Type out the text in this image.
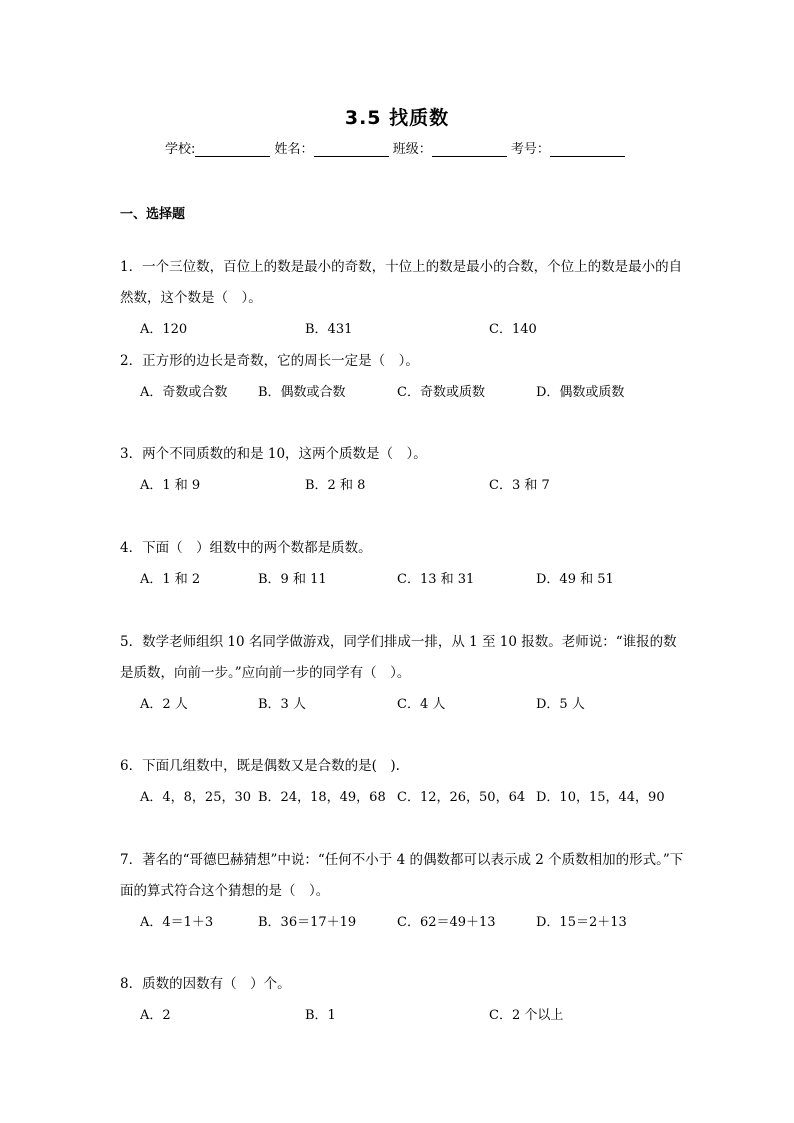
3.5 找质数
学校:	姓名：	班级：	考号：
一、选择题

1．一个三位数，百位上的数是最小的奇数，十位上的数是最小的合数，个位上的数是最小的自然数，这个数是（　）。

A．120	B．431	C．140

2．正方形的边长是奇数，它的周长一定是（　）。

A．奇数或合数 B．偶数或合数	C．奇数或质数	D．偶数或质数

3．两个不同质数的和是 10，这两个质数是（　）。

A．1 和 9	B．2 和 8	C．3 和 7

4．下面（　）组数中的两个数都是质数。

A．1 和 2	B．9 和 11	C．13 和 31	D．49 和 51

5．数学老师组织 10 名同学做游戏，同学们排成一排，从 1 至 10 报数。老师说：“谁报的数是质数，向前一步。”应向前一步的同学有（　）。

A．2 人	B．3 人	C．4 人	D．5 人

6．下面几组数中，既是偶数又是合数的是(　).

A．4，8，25，30 B．24，18，49，68 C．12，26，50，64 D．10，15，44，90

7．著名的“哥德巴赫猜想”中说：“任何不小于 4 的偶数都可以表示成 2 个质数相加的形式。”下面的算式符合这个猜想的是（　）。

A．4＝1＋3	B．36＝17＋19	C．62＝49＋13	D．15＝2＋13

8．质数的因数有（　）个。

A．2	B．1	C．2 个以上
